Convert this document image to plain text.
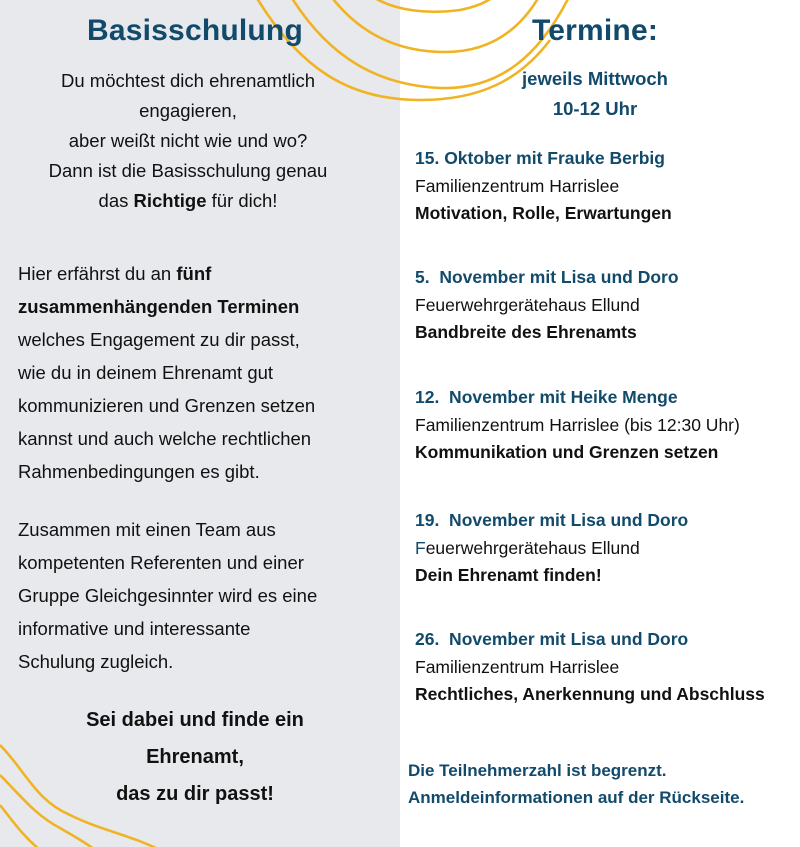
Basisschulung
Du möchtest dich ehrenamtlich
engagieren,
aber weißt nicht wie und wo?
Dann ist die Basisschulung genau
das Richtige für dich!
Hier erfährst du an fünf
zusammenhängenden Terminen
welches Engagement zu dir passt,
wie du in deinem Ehrenamt gut
kommunizieren und Grenzen setzen
kannst und auch welche rechtlichen
Rahmenbedingungen es gibt.
Zusammen mit einen Team aus
kompetenten Referenten und einer
Gruppe Gleichgesinnter wird es eine
informative und interessante
Schulung zugleich.
Sei dabei und finde ein
Ehrenamt,
das zu dir passt!
Termine:
jeweils Mittwoch
10-12 Uhr
15. Oktober mit Frauke Berbig
Familienzentrum Harrislee
Motivation, Rolle, Erwartungen
5.  November mit Lisa und Doro
Feuerwehrgerätehaus Ellund
Bandbreite des Ehrenamts
12.  November mit Heike Menge
Familienzentrum Harrislee (bis 12:30 Uhr)
Kommunikation und Grenzen setzen
19.  November mit Lisa und Doro
Feuerwehrgerätehaus Ellund
Dein Ehrenamt finden!
26.  November mit Lisa und Doro
Familienzentrum Harrislee
Rechtliches, Anerkennung und Abschluss
Die Teilnehmerzahl ist begrenzt.
Anmeldeinformationen auf der Rückseite.
